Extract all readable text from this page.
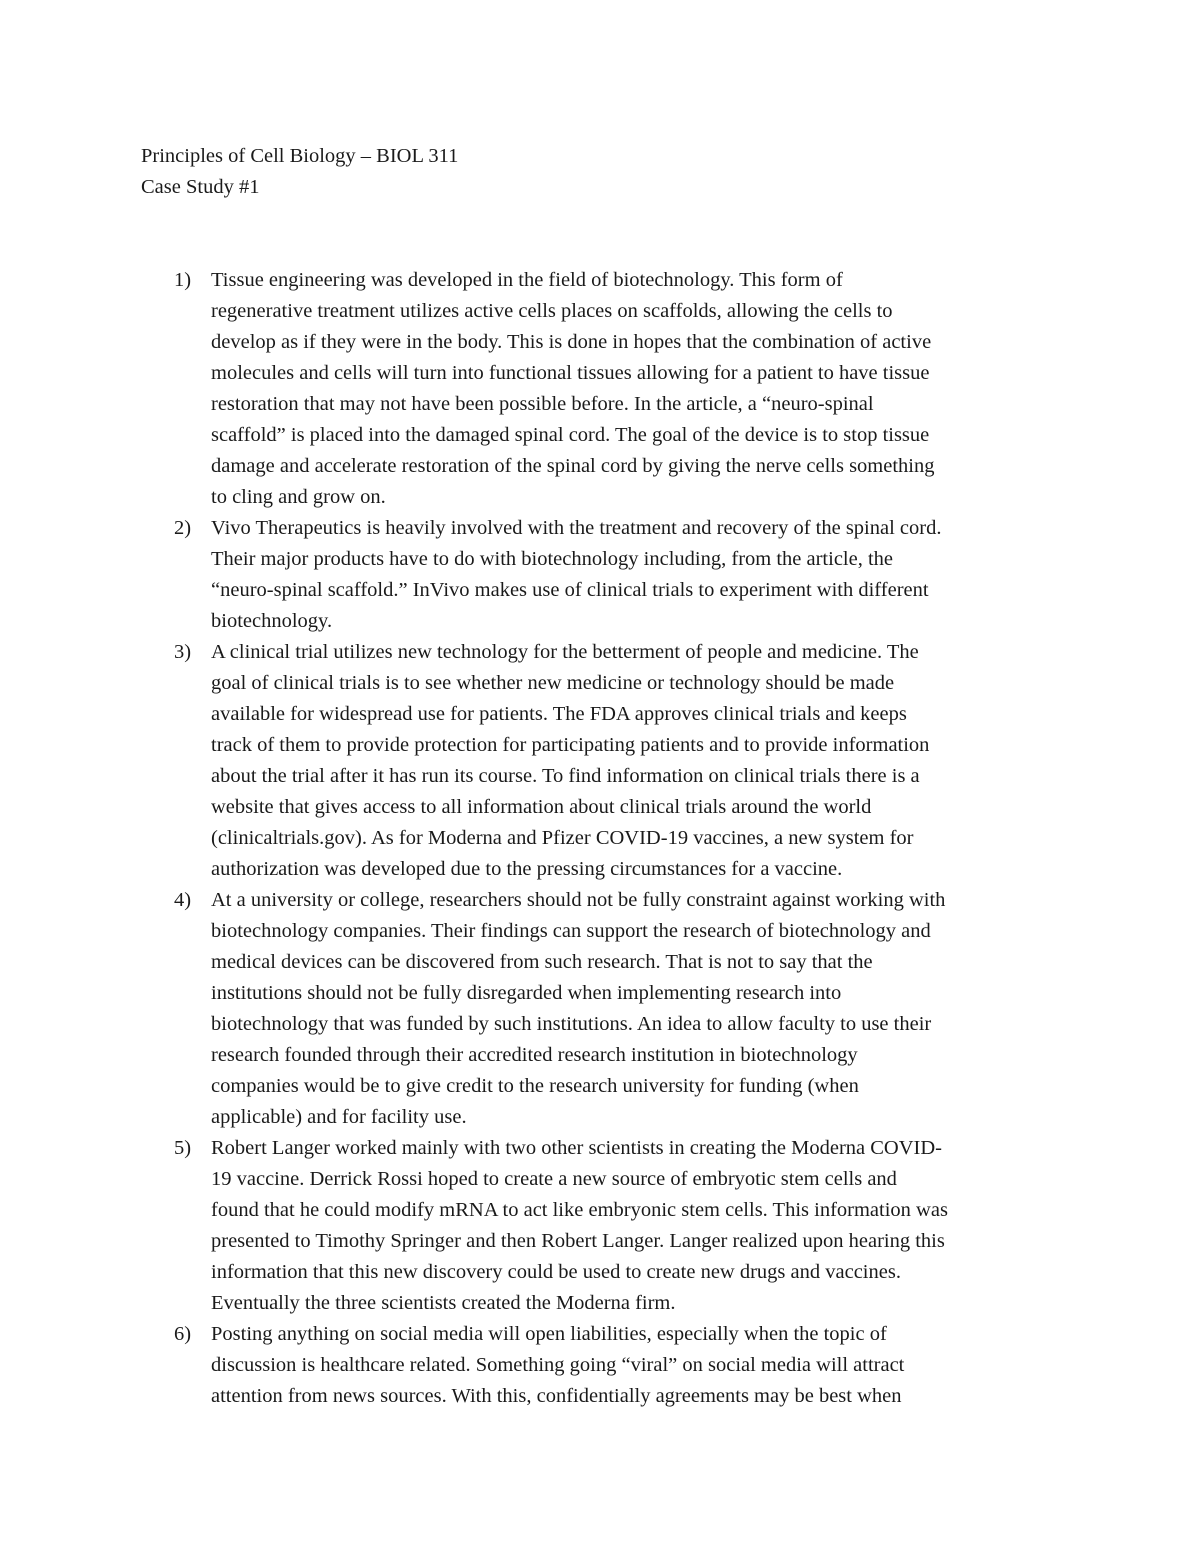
Principles of Cell Biology – BIOL 311
Case Study #1
1) Tissue engineering was developed in the field of biotechnology. This form of
regenerative treatment utilizes active cells places on scaffolds, allowing the cells to
develop as if they were in the body. This is done in hopes that the combination of active
molecules and cells will turn into functional tissues allowing for a patient to have tissue
restoration that may not have been possible before. In the article, a “neuro-spinal
scaffold” is placed into the damaged spinal cord. The goal of the device is to stop tissue
damage and accelerate restoration of the spinal cord by giving the nerve cells something
to cling and grow on.
2) Vivo Therapeutics is heavily involved with the treatment and recovery of the spinal cord.
Their major products have to do with biotechnology including, from the article, the
“neuro-spinal scaffold.” InVivo makes use of clinical trials to experiment with different
biotechnology.
3) A clinical trial utilizes new technology for the betterment of people and medicine. The
goal of clinical trials is to see whether new medicine or technology should be made
available for widespread use for patients. The FDA approves clinical trials and keeps
track of them to provide protection for participating patients and to provide information
about the trial after it has run its course. To find information on clinical trials there is a
website that gives access to all information about clinical trials around the world
(clinicaltrials.gov). As for Moderna and Pfizer COVID-19 vaccines, a new system for
authorization was developed due to the pressing circumstances for a vaccine.
4) At a university or college, researchers should not be fully constraint against working with
biotechnology companies. Their findings can support the research of biotechnology and
medical devices can be discovered from such research. That is not to say that the
institutions should not be fully disregarded when implementing research into
biotechnology that was funded by such institutions. An idea to allow faculty to use their
research founded through their accredited research institution in biotechnology
companies would be to give credit to the research university for funding (when
applicable) and for facility use.
5) Robert Langer worked mainly with two other scientists in creating the Moderna COVID-
19 vaccine. Derrick Rossi hoped to create a new source of embryotic stem cells and
found that he could modify mRNA to act like embryonic stem cells. This information was
presented to Timothy Springer and then Robert Langer. Langer realized upon hearing this
information that this new discovery could be used to create new drugs and vaccines.
Eventually the three scientists created the Moderna firm.
6) Posting anything on social media will open liabilities, especially when the topic of
discussion is healthcare related. Something going “viral” on social media will attract
attention from news sources. With this, confidentially agreements may be best when
